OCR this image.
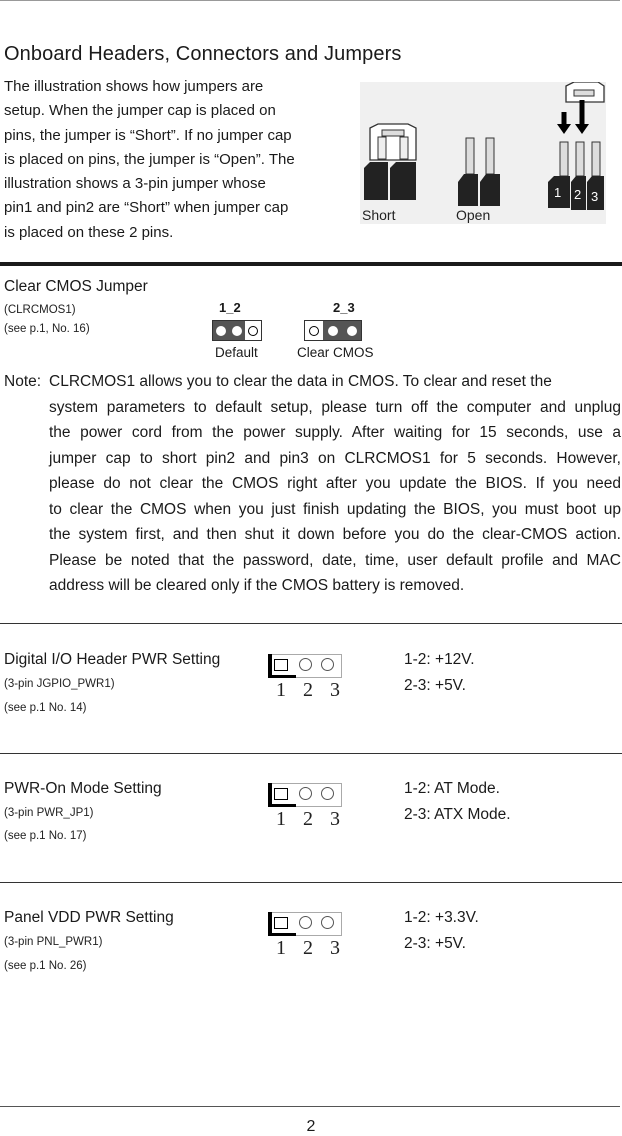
Onboard Headers, Connectors and Jumpers
The illustration shows how jumpers are
setup. When the jumper cap is placed on
pins, the jumper is “Short”. If no jumper cap
is placed on pins, the jumper is “Open”. The
illustration shows a 3-pin jumper whose
pin1 and pin2 are “Short” when jumper cap
is placed on these 2 pins.
Short	Open
1 2 3
Clear CMOS Jumper
(CLRCMOS1)
(see p.1, No. 16)
1_2
Default
2_3
Clear CMOS
Note: CLRCMOS1 allows you to clear the data in CMOS. To clear and reset the
system parameters to default setup, please turn off the computer and unplug
the power cord from the power supply. After waiting for 15 seconds, use a
jumper cap to short pin2 and pin3 on CLRCMOS1 for 5 seconds. However,
please do not clear the CMOS right after you update the BIOS. If you need
to clear the CMOS when you just finish updating the BIOS, you must boot up
the system first, and then shut it down before you do the clear-CMOS action.
Please be noted that the password, date, time, user default profile and MAC
address will be cleared only if the CMOS battery is removed.
Digital I/O Header PWR Setting
(3-pin JGPIO_PWR1)
(see p.1 No. 14)
1 2 3
1-2: +12V.
2-3: +5V.
PWR-On Mode Setting
(3-pin PWR_JP1)
(see p.1 No. 17)
1 2 3
1-2: AT Mode.
2-3: ATX Mode.
Panel VDD PWR Setting
(3-pin PNL_PWR1)
(see p.1 No. 26)
1 2 3
1-2: +3.3V.
2-3: +5V.
2
